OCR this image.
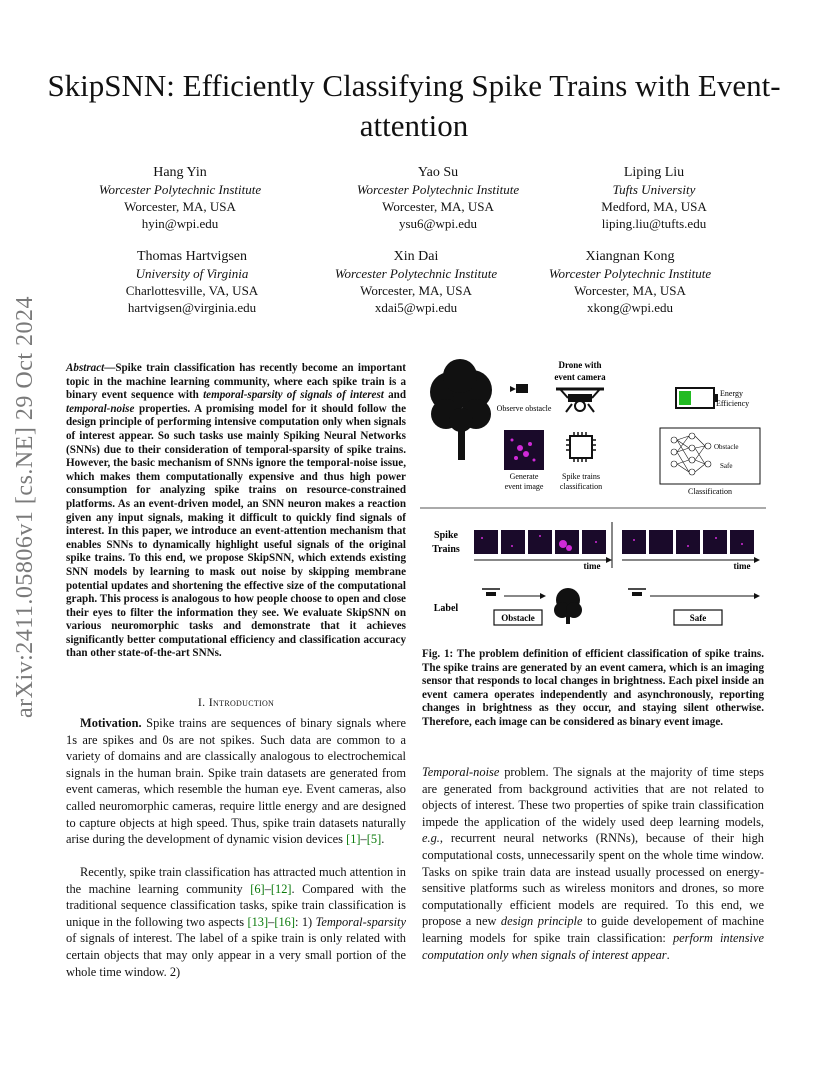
arXiv:2411.05806v1 [cs.NE] 29 Oct 2024
SkipSNN: Efficiently Classifying Spike Trains with Event-attention
Hang Yin
Worcester Polytechnic Institute
Worcester, MA, USA
hyin@wpi.edu
Yao Su
Worcester Polytechnic Institute
Worcester, MA, USA
ysu6@wpi.edu
Liping Liu
Tufts University
Medford, MA, USA
liping.liu@tufts.edu
Thomas Hartvigsen
University of Virginia
Charlottesville, VA, USA
hartvigsen@virginia.edu
Xin Dai
Worcester Polytechnic Institute
Worcester, MA, USA
xdai5@wpi.edu
Xiangnan Kong
Worcester Polytechnic Institute
Worcester, MA, USA
xkong@wpi.edu
Abstract—Spike train classification has recently become an important topic in the machine learning community, where each spike train is a binary event sequence with temporal-sparsity of signals of interest and temporal-noise properties. A promising model for it should follow the design principle of performing intensive computation only when signals of interest appear. So such tasks use mainly Spiking Neural Networks (SNNs) due to their consideration of temporal-sparsity of spike trains. However, the basic mechanism of SNNs ignore the temporal-noise issue, which makes them computationally expensive and thus high power consumption for analyzing spike trains on resource-constrained platforms. As an event-driven model, an SNN neuron makes a reaction given any input signals, making it difficult to quickly find signals of interest. In this paper, we introduce an event-attention mechanism that enables SNNs to dynamically highlight useful signals of the original spike trains. To this end, we propose SkipSNN, which extends existing SNN models by learning to mask out noise by skipping membrane potential updates and shortening the effective size of the computational graph. This process is analogous to how people choose to open and close their eyes to filter the information they see. We evaluate SkipSNN on various neuromorphic tasks and demonstrate that it achieves significantly better computational efficiency and classification accuracy than other state-of-the-art SNNs.
I. Introduction
Motivation. Spike trains are sequences of binary signals where 1s are spikes and 0s are not spikes. Such data are common to a variety of domains and are classically analogous to electrochemical signals in the human brain. Spike train datasets are generated from event cameras, which resemble the human eye. Event cameras, also called neuromorphic cameras, require little energy and are designed to capture objects at high speed. Thus, spike train datasets naturally arise during the development of dynamic vision devices [1]–[5].
Recently, spike train classification has attracted much attention in the machine learning community [6]–[12]. Compared with the traditional sequence classification tasks, spike train classification is unique in the following two aspects [13]–[16]: 1) Temporal-sparsity of signals of interest. The label of a spike train is only related with certain objects that may only appear in a very small portion of the whole time window. 2)
Observe obstacle
Drone with
event camera
Energy
Efficiency
Generate
event image
Spike trains
classification
Obstacle
Safe
Classification
Spike
Trains
time	time
Label
Obstacle	Safe
Fig. 1: The problem definition of efficient classification of spike trains. The spike trains are generated by an event camera, which is an imaging sensor that responds to local changes in brightness. Each pixel inside an event camera operates independently and asynchronously, reporting changes in brightness as they occur, and staying silent otherwise. Therefore, each image can be considered as binary event image.
Temporal-noise problem. The signals at the majority of time steps are generated from background activities that are not related to objects of interest. These two properties of spike train classification impede the application of the widely used deep learning models, e.g., recurrent neural networks (RNNs), because of their high computational costs, unnecessarily spent on the whole time window. Tasks on spike train data are instead usually processed on energy-sensitive platforms such as wireless monitors and drones, so more computationally efficient models are required. To this end, we propose a new design principle to guide developement of machine learning models for spike train classification: perform intensive computation only when signals of interest appear.
